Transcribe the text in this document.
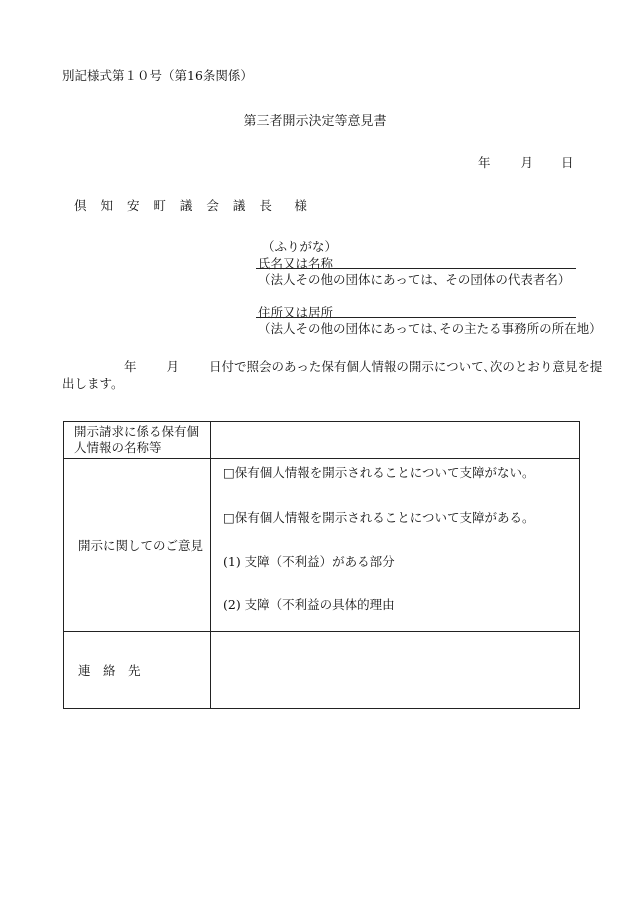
別記様式第１０号（第16条関係）
第三者開示決定等意見書
年 月 日
倶 知 安 町 議 会 議 長　様
（ふりがな）
氏名又は名称
（法人その他の団体にあっては、その団体の代表者名）
住所又は居所
（法人その他の団体にあっては､その主たる事務所の所在地）
年 月 日付で照会のあった保有個人情報の開示について､次のとおり意見を提
出します。
開示請求に係る保有個人情報の名称等	
開示に関してのご意見	□保有個人情報を開示されることについて支障がない。
□保有個人情報を開示されることについて支障がある。
(1) 支障（不利益）がある部分
(2) 支障（不利益の具体的理由

連　絡　先	
